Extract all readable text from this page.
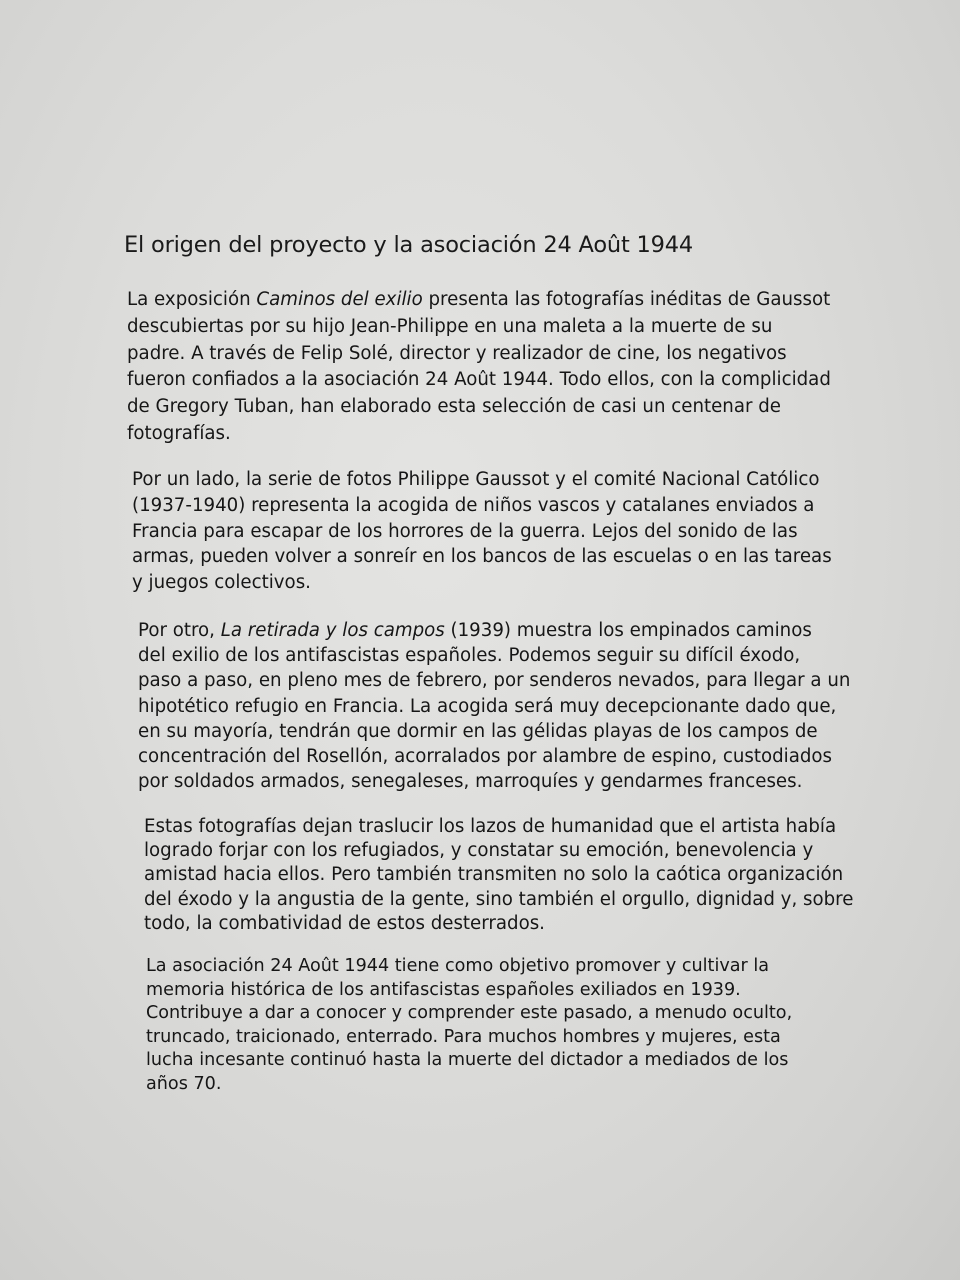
El origen del proyecto y la asociación 24 Août 1944

La exposición Caminos del exilio presenta las fotografías inéditas de Gaussot
descubiertas por su hijo Jean-Philippe en una maleta a la muerte de su
padre. A través de Felip Solé, director y realizador de cine, los negativos
fueron confiados a la asociación 24 Août 1944. Todo ellos, con la complicidad
de Gregory Tuban, han elaborado esta selección de casi un centenar de
fotografías.

Por un lado, la serie de fotos Philippe Gaussot y el comité Nacional Católico
(1937-1940) representa la acogida de niños vascos y catalanes enviados a
Francia para escapar de los horrores de la guerra. Lejos del sonido de las
armas, pueden volver a sonreír en los bancos de las escuelas o en las tareas
y juegos colectivos.

Por otro, La retirada y los campos (1939) muestra los empinados caminos
del exilio de los antifascistas españoles. Podemos seguir su difícil éxodo,
paso a paso, en pleno mes de febrero, por senderos nevados, para llegar a un
hipotético refugio en Francia. La acogida será muy decepcionante dado que,
en su mayoría, tendrán que dormir en las gélidas playas de los campos de
concentración del Rosellón, acorralados por alambre de espino, custodiados
por soldados armados, senegaleses, marroquíes y gendarmes franceses.

Estas fotografías dejan traslucir los lazos de humanidad que el artista había
logrado forjar con los refugiados, y constatar su emoción, benevolencia y
amistad hacia ellos. Pero también transmiten no solo la caótica organización
del éxodo y la angustia de la gente, sino también el orgullo, dignidad y, sobre
todo, la combatividad de estos desterrados.

La asociación 24 Août 1944 tiene como objetivo promover y cultivar la
memoria histórica de los antifascistas españoles exiliados en 1939.
Contribuye a dar a conocer y comprender este pasado, a menudo oculto,
truncado, traicionado, enterrado. Para muchos hombres y mujeres, esta
lucha incesante continuó hasta la muerte del dictador a mediados de los
años 70.
